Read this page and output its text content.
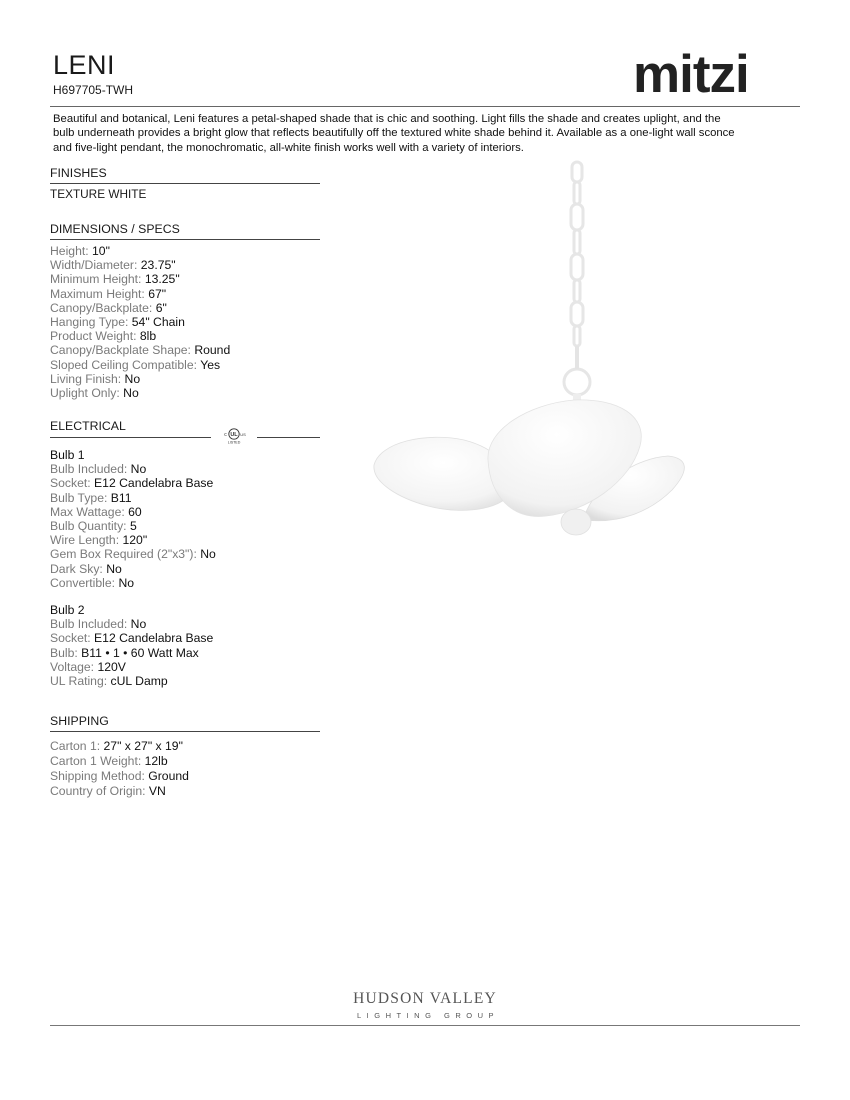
LENI
H697705-TWH	mitzi
Beautiful and botanical, Leni features a petal-shaped shade that is chic and soothing. Light fills the shade and creates uplight, and the
bulb underneath provides a bright glow that reflects beautifully off the textured white shade behind it. Available as a one-light wall sconce
and five-light pendant, the monochromatic, all-white finish works well with a variety of interiors.
FINISHES
TEXTURE WHITE
DIMENSIONS / SPECS
Height: 10"
Width/Diameter: 23.75"
Minimum Height: 13.25"
Maximum Height: 67"
Canopy/Backplate: 6"
Hanging Type: 54" Chain
Product Weight: 8lb
Canopy/Backplate Shape: Round
Sloped Ceiling Compatible: Yes
Living Finish: No
Uplight Only: No
ELECTRICAL
UL
c	US
LISTED
Bulb 1
Bulb Included: No
Socket: E12 Candelabra Base
Bulb Type: B11
Max Wattage: 60
Bulb Quantity: 5
Wire Length: 120"
Gem Box Required (2"x3"): No
Dark Sky: No
Convertible: No
Bulb 2
Bulb Included: No
Socket: E12 Candelabra Base
Bulb: B11 • 1 • 60 Watt Max
Voltage: 120V
UL Rating: cUL Damp
SHIPPING
Carton 1: 27" x 27" x 19"
Carton 1 Weight: 12lb
Shipping Method: Ground
Country of Origin: VN
HUDSON VALLEY
LIGHTING GROUP
